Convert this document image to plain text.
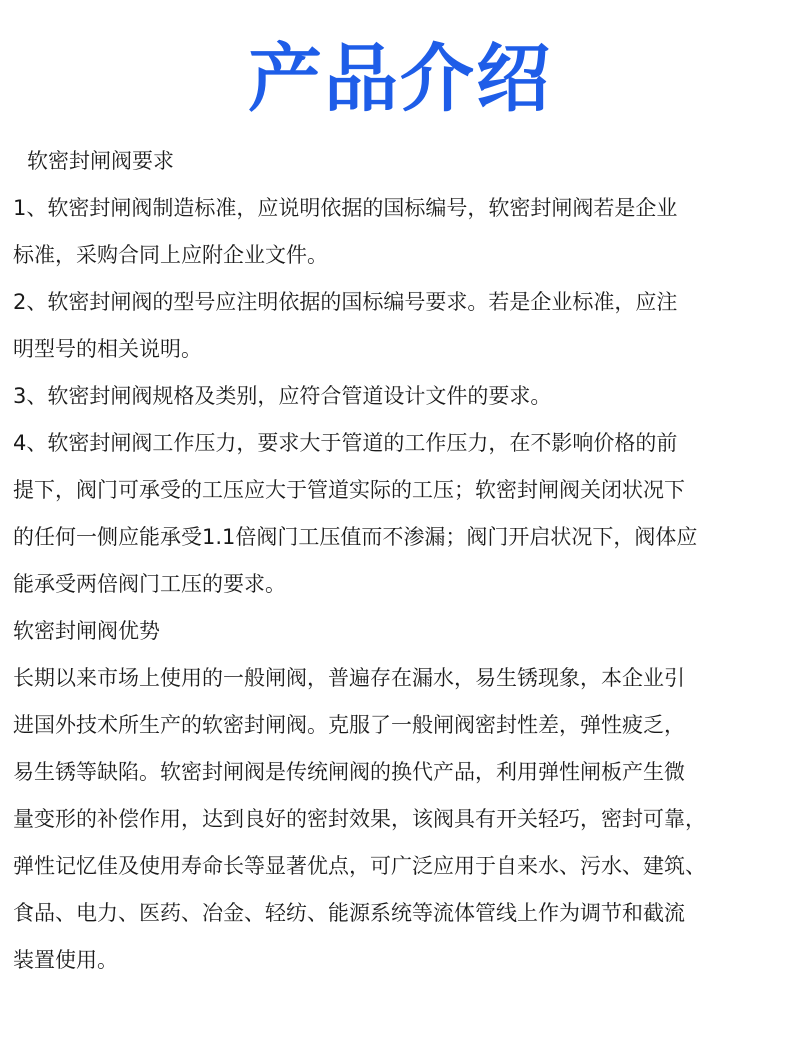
产品介绍
软密封闸阀要求
1、软密封闸阀制造标准，应说明依据的国标编号，软密封闸阀若是企业
标准，采购合同上应附企业文件。
2、软密封闸阀的型号应注明依据的国标编号要求。若是企业标准，应注
明型号的相关说明。
3、软密封闸阀规格及类别，应符合管道设计文件的要求。
4、软密封闸阀工作压力，要求大于管道的工作压力，在不影响价格的前
提下，阀门可承受的工压应大于管道实际的工压；软密封闸阀关闭状况下
的任何一侧应能承受1.1倍阀门工压值而不渗漏；阀门开启状况下，阀体应
能承受两倍阀门工压的要求。
软密封闸阀优势
长期以来市场上使用的一般闸阀，普遍存在漏水，易生锈现象，本企业引
进国外技术所生产的软密封闸阀。克服了一般闸阀密封性差，弹性疲乏，
易生锈等缺陷。软密封闸阀是传统闸阀的换代产品，利用弹性闸板产生微
量变形的补偿作用，达到良好的密封效果，该阀具有开关轻巧，密封可靠，
弹性记忆佳及使用寿命长等显著优点，可广泛应用于自来水、污水、建筑、
食品、电力、医药、冶金、轻纺、能源系统等流体管线上作为调节和截流
装置使用。
